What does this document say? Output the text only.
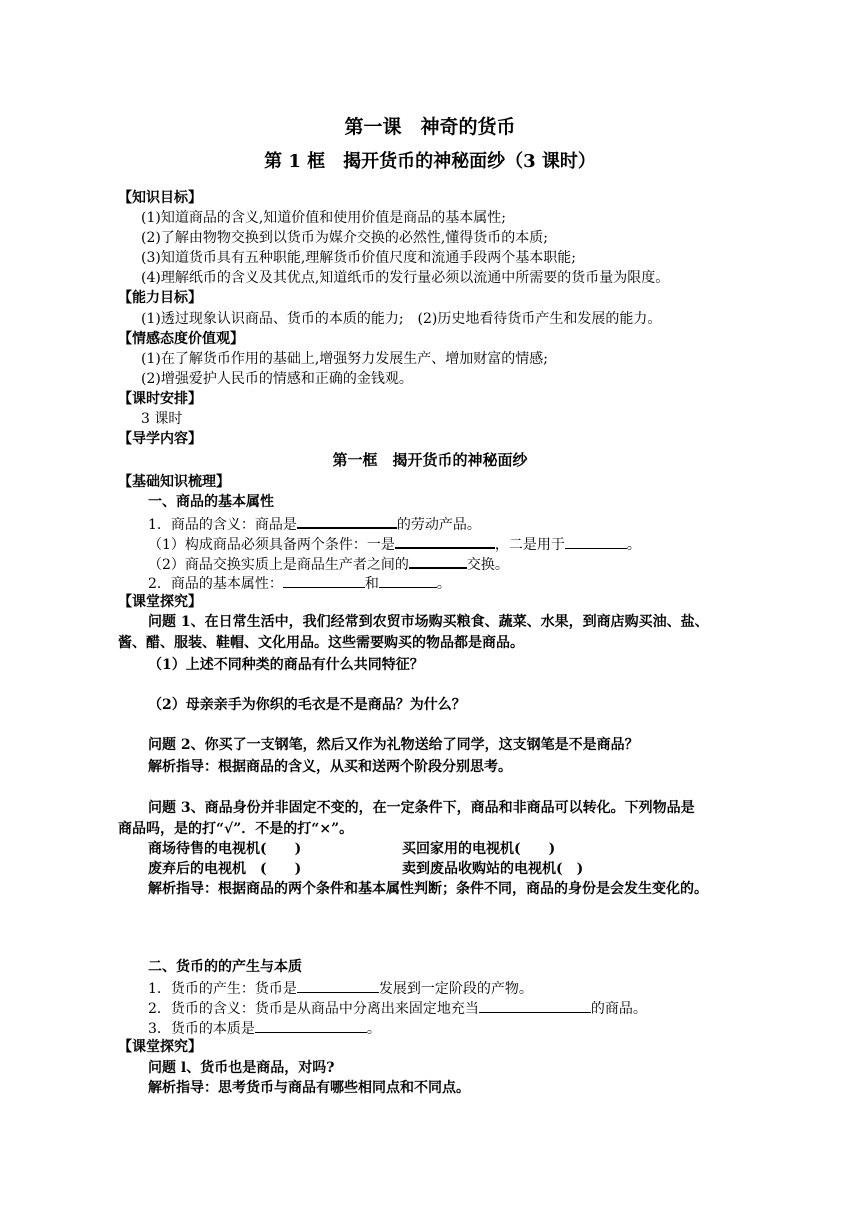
第一课　神奇的货币
第 1 框　揭开货币的神秘面纱（3 课时）
【知识目标】
(1)知道商品的含义,知道价值和使用价值是商品的基本属性;
(2)了解由物物交换到以货币为媒介交换的必然性,懂得货币的本质;
(3)知道货币具有五种职能,理解货币价值尺度和流通手段两个基本职能;
(4)理解纸币的含义及其优点,知道纸币的发行量必须以流通中所需要的货币量为限度。
【能力目标】
(1)透过现象认识商品、货币的本质的能力;　(2)历史地看待货币产生和发展的能力。
【情感态度价值观】
(1)在了解货币作用的基础上,增强努力发展生产、增加财富的情感;
(2)增强爱护人民币的情感和正确的金钱观。
【课时安排】
3 课时
【导学内容】
第一框　揭开货币的神秘面纱
【基础知识梳理】
一、商品的基本属性
1．商品的含义：商品是	的劳动产品。
（1）构成商品必须具备两个条件：一是	，二是用于	。
（2）商品交换实质上是商品生产者之间的	交换。
2．商品的基本属性：	和	。
【课堂探究】
问题 1、在日常生活中，我们经常到农贸市场购买粮食、蔬菜、水果，到商店购买油、盐、
酱、醋、服装、鞋帽、文化用品。这些需要购买的物品都是商品。
（1）上述不同种类的商品有什么共同特征？
（2）母亲亲手为你织的毛衣是不是商品？为什么？
问题 2、你买了一支钢笔，然后又作为礼物送给了同学，这支钢笔是不是商品？
解析指导：根据商品的含义，从买和送两个阶段分别思考。
问题 3、商品身份并非固定不变的，在一定条件下，商品和非商品可以转化。下列物品是
商品吗，是的打“√”．不是的打“×”。
商场待售的电视机(　　)	买回家用的电视机(　　)
废弃后的电视机　(　　)	卖到废品收购站的电视机(　)
解析指导：根据商品的两个条件和基本属性判断；条件不同，商品的身份是会发生变化的。
二、货币的的产生与本质
1．货币的产生：货币是	发展到一定阶段的产物。
2．货币的含义：货币是从商品中分离出来固定地充当	的商品。
3．货币的本质是	。
【课堂探究】
问题 l、货币也是商品，对吗?
解析指导：思考货币与商品有哪些相同点和不同点。
